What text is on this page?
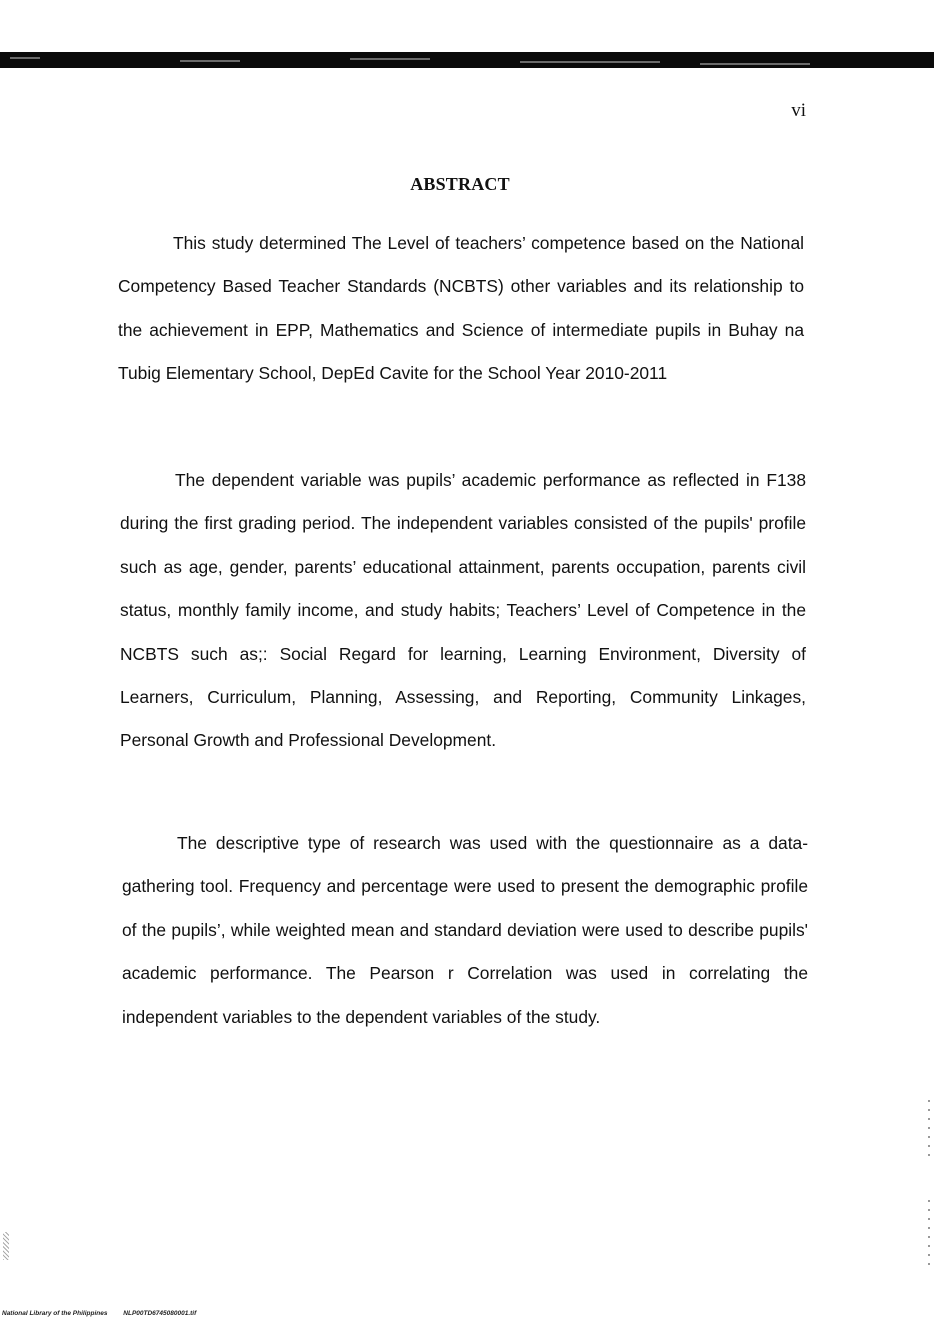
vi
ABSTRACT

This study determined The Level of teachers’ competence based on the National Competency Based Teacher Standards (NCBTS) other variables and its relationship to the achievement in EPP, Mathematics and Science of intermediate pupils in Buhay na Tubig Elementary School, DepEd Cavite for the School Year 2010-2011

The dependent variable was pupils’ academic performance as reflected in F138 during the first grading period. The independent variables consisted of the pupils' profile such as age, gender, parents’ educational attainment, parents occupation, parents civil status, monthly family income, and study habits; Teachers’ Level of Competence in the NCBTS such as;: Social Regard for learning, Learning Environment, Diversity of Learners, Curriculum, Planning, Assessing, and Reporting, Community Linkages, Personal Growth and Professional Development.

The descriptive type of research was used with the questionnaire as a data-gathering tool. Frequency and percentage were used to present the demographic profile of the pupils’, while weighted mean and standard deviation were used to describe pupils' academic performance. The Pearson r Correlation was used in correlating the independent variables to the dependent variables of the study.

National Library of the Philippines NLP00TD6745080001.tif
